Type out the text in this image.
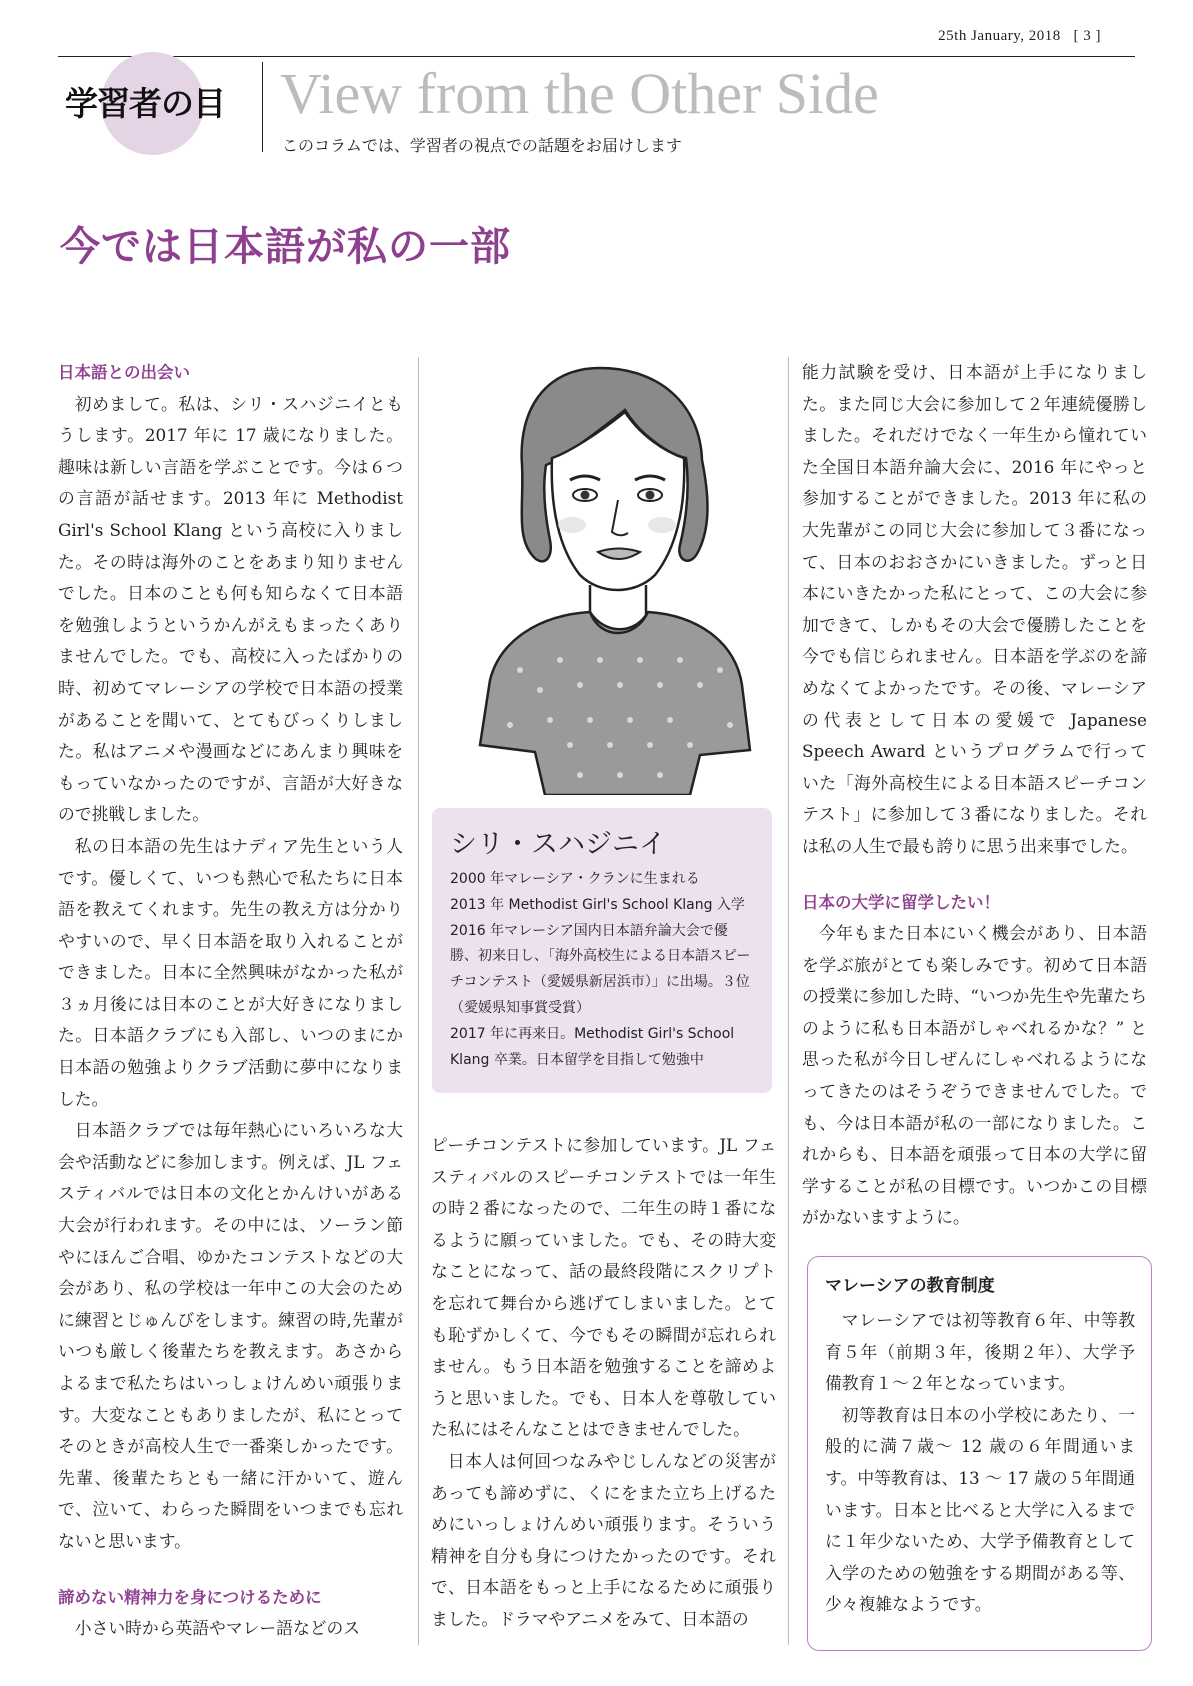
25th January, 2018 [ 3 ]
学習者の目 View from the Other Side
このコラムでは、学習者の視点での話題をお届けします
今では日本語が私の一部
日本語との出会い

初めまして。私は、シリ・スハジニイともうします。2017 年に 17 歳になりました。趣味は新しい言語を学ぶことです。今は６つの言語が話せます。2013 年に Methodist Girl's School Klang という高校に入りました。その時は海外のことをあまり知りませんでした。日本のことも何も知らなくて日本語を勉強しようというかんがえもまったくありませんでした。でも、高校に入ったばかりの時、初めてマレーシアの学校で日本語の授業があることを聞いて、とてもびっくりしました。私はアニメや漫画などにあんまり興味をもっていなかったのですが、言語が大好きなので挑戦しました。

私の日本語の先生はナディア先生という人です。優しくて、いつも熱心で私たちに日本語を教えてくれます。先生の教え方は分かりやすいので、早く日本語を取り入れることができました。日本に全然興味がなかった私が３ヵ月後には日本のことが大好きになりました。日本語クラブにも入部し、いつのまにか日本語の勉強よりクラブ活動に夢中になりました。

日本語クラブでは毎年熱心にいろいろな大会や活動などに参加します。例えば、JL フェスティバルでは日本の文化とかんけいがある大会が行われます。その中には、ソーラン節やにほんご合唱、ゆかたコンテストなどの大会があり、私の学校は一年中この大会のために練習とじゅんびをします。練習の時,先輩がいつも厳しく後輩たちを教えます。あさからよるまで私たちはいっしょけんめい頑張ります。大変なこともありましたが、私にとってそのときが高校人生で一番楽しかったです。先輩、後輩たちとも一緒に汗かいて、遊んで、泣いて、わらった瞬間をいつまでも忘れないと思います。

諦めない精神力を身につけるために

小さい時から英語やマレー語などのス

シリ・スハジニイ
2000 年マレーシア・クランに生まれる
2013 年 Methodist Girl's School Klang 入学
2016 年マレーシア国内日本語弁論大会で優勝、初来日し、「海外高校生による日本語スピーチコンテスト（愛媛県新居浜市）」に出場。３位（愛媛県知事賞受賞）
2017 年に再来日。Methodist Girl's School Klang 卒業。日本留学を目指して勉強中

ピーチコンテストに参加しています。JL フェスティバルのスピーチコンテストでは一年生の時２番になったので、二年生の時１番になるように願っていました。でも、その時大変なことになって、話の最終段階にスクリプトを忘れて舞台から逃げてしまいました。とても恥ずかしくて、今でもその瞬間が忘れられません。もう日本語を勉強することを諦めようと思いました。でも、日本人を尊敬していた私にはそんなことはできませんでした。

日本人は何回つなみやじしんなどの災害があっても諦めずに、くにをまた立ち上げるためにいっしょけんめい頑張ります。そういう精神を自分も身につけたかったのです。それで、日本語をもっと上手になるために頑張りました。ドラマやアニメをみて、日本語の

能力試験を受け、日本語が上手になりました。また同じ大会に参加して２年連続優勝しました。それだけでなく一年生から憧れていた全国日本語弁論大会に、2016 年にやっと参加することができました。2013 年に私の大先輩がこの同じ大会に参加して３番になって、日本のおおさかにいきました。ずっと日本にいきたかった私にとって、この大会に参加できて、しかもその大会で優勝したことを今でも信じられません。日本語を学ぶのを諦めなくてよかったです。その後、マレーシアの代表として日本の愛媛で Japanese Speech Award というプログラムで行っていた「海外高校生による日本語スピーチコンテスト」に参加して３番になりました。それは私の人生で最も誇りに思う出来事でした。

日本の大学に留学したい！

今年もまた日本にいく機会があり、日本語を学ぶ旅がとても楽しみです。初めて日本語の授業に参加した時、“いつか先生や先輩たちのように私も日本語がしゃべれるかな？” と思った私が今日しぜんにしゃべれるようになってきたのはそうぞうできませんでした。でも、今は日本語が私の一部になりました。これからも、日本語を頑張って日本の大学に留学することが私の目標です。いつかこの目標がかないますように。

マレーシアの教育制度

マレーシアでは初等教育６年、中等教育５年（前期３年，後期２年）、大学予備教育１～２年となっています。

初等教育は日本の小学校にあたり、一般的に満７歳～ 12 歳の６年間通います。中等教育は、13 ～ 17 歳の５年間通います。日本と比べると大学に入るまでに１年少ないため、大学予備教育として入学のための勉強をする期間がある等、少々複雑なようです。
